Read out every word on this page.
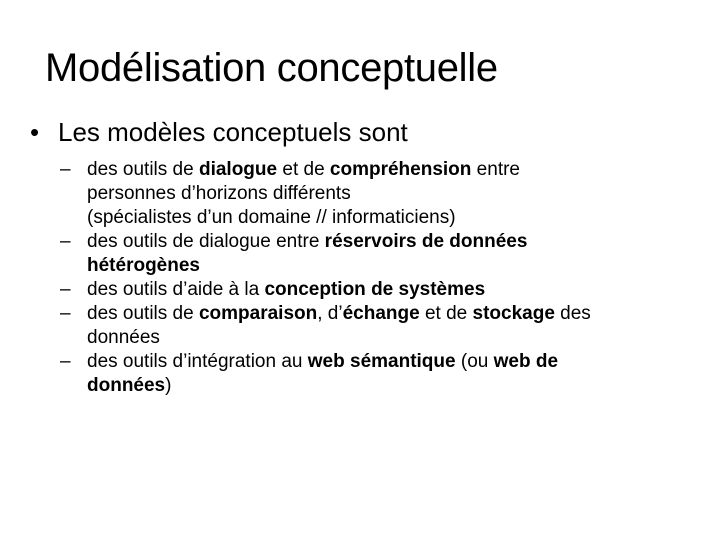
Modélisation conceptuelle
• Les modèles conceptuels sont
– des outils de dialogue et de compréhension entre
personnes d’horizons différents
(spécialistes d’un domaine // informaticiens)
– des outils de dialogue entre réservoirs de données
hétérogènes
– des outils d’aide à la conception de systèmes
– des outils de comparaison, d’échange et de stockage des
données
– des outils d’intégration au web sémantique (ou web de
données)
